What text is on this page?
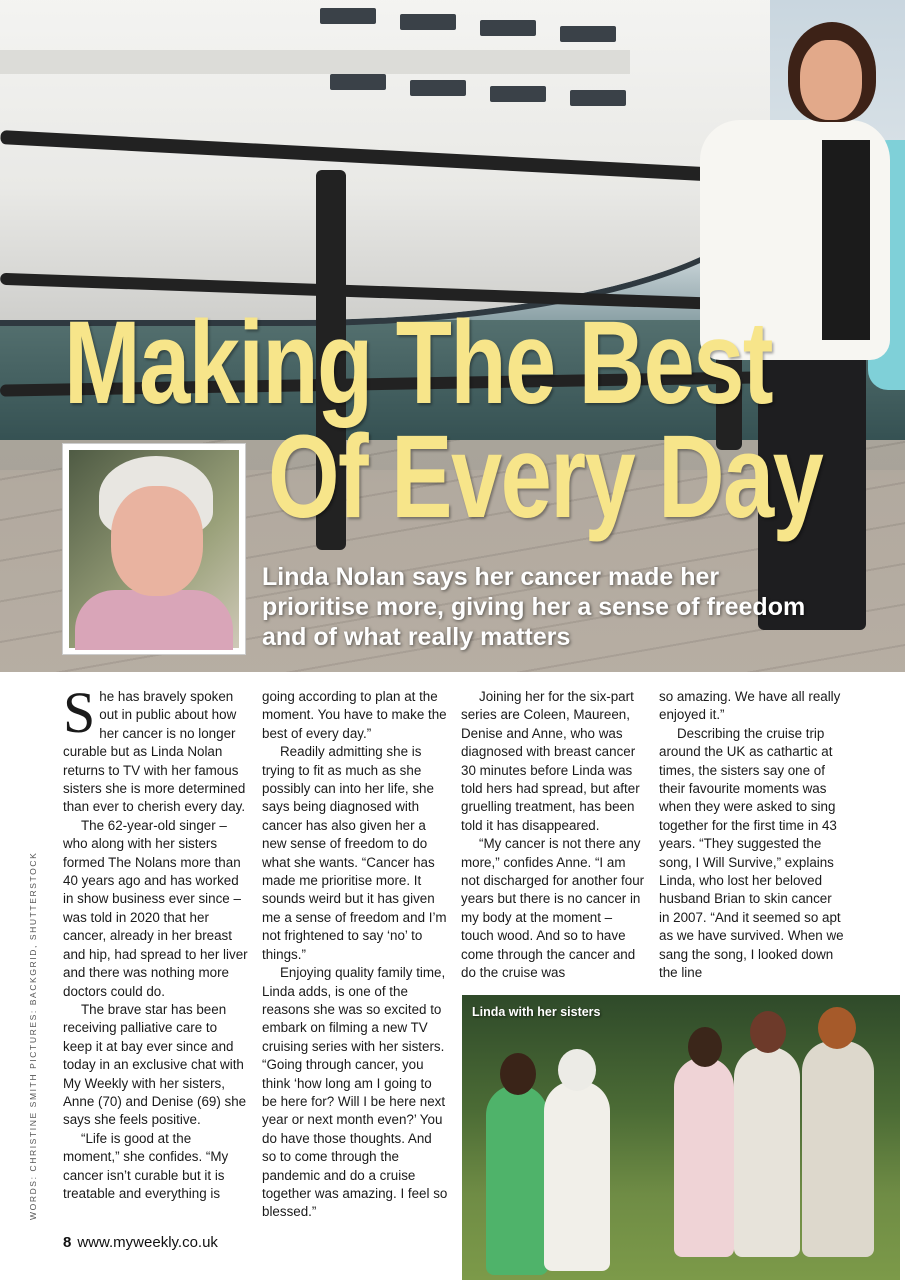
Making The Best
Of Every Day
Linda Nolan says her cancer made her prioritise more, giving her a sense of freedom and of what really matters

She has bravely spoken out in public about how her cancer is no longer curable but as Linda Nolan returns to TV with her famous sisters she is more determined than ever to cherish every day.

The 62-year-old singer – who along with her sisters formed The Nolans more than 40 years ago and has worked in show business ever since – was told in 2020 that her cancer, already in her breast and hip, had spread to her liver and there was nothing more doctors could do.

The brave star has been receiving palliative care to keep it at bay ever since and today in an exclusive chat with My Weekly with her sisters, Anne (70) and Denise (69) she says she feels positive.

“Life is good at the moment,” she confides. “My cancer isn’t curable but it is treatable and everything is

going according to plan at the moment. You have to make the best of every day.”

Readily admitting she is trying to fit as much as she possibly can into her life, she says being diagnosed with cancer has also given her a new sense of freedom to do what she wants. “Cancer has made me prioritise more. It sounds weird but it has given me a sense of freedom and I’m not frightened to say ‘no’ to things.”

Enjoying quality family time, Linda adds, is one of the reasons she was so excited to embark on filming a new TV cruising series with her sisters. “Going through cancer, you think ‘how long am I going to be here for? Will I be here next year or next month even?’ You do have those thoughts. And so to come through the pandemic and do a cruise together was amazing. I feel so blessed.”

Joining her for the six-part series are Coleen, Maureen, Denise and Anne, who was diagnosed with breast cancer 30 minutes before Linda was told hers had spread, but after gruelling treatment, has been told it has disappeared.

“My cancer is not there any more,” confides Anne. “I am not discharged for another four years but there is no cancer in my body at the moment – touch wood. And so to have come through the cancer and do the cruise was

so amazing. We have all really enjoyed it.”

Describing the cruise trip around the UK as cathartic at times, the sisters say one of their favourite moments was when they were asked to sing together for the first time in 43 years. “They suggested the song, I Will Survive,” explains Linda, who lost her beloved husband Brian to skin cancer in 2007. “And it seemed so apt as we have survived. When we sang the song, I looked down the line

WORDS: CHRISTINE SMITH PICTURES: BACKGRID, SHUTTERSTOCK
8 www.myweekly.co.uk
Linda with her sisters
